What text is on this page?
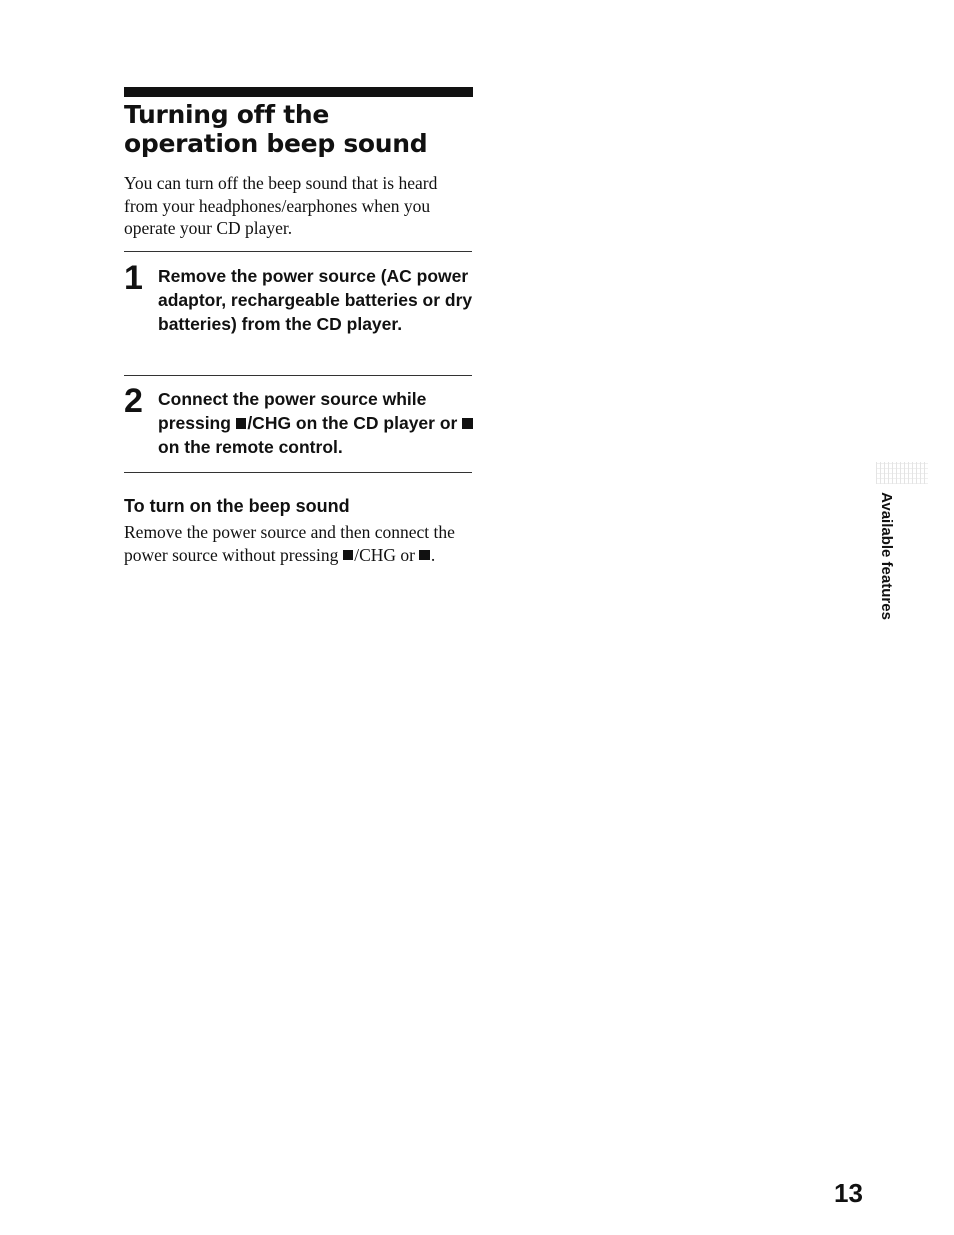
Turning off the
operation beep sound

You can turn off the beep sound that is heard from your headphones/earphones when you operate your CD player.

1 Remove the power source (AC power adaptor, rechargeable batteries or dry batteries) from the CD player.

2 Connect the power source while pressing /CHG on the CD player or  on the remote control.

To turn on the beep sound

Remove the power source and then connect the power source without pressing /CHG or .	Available features
13
